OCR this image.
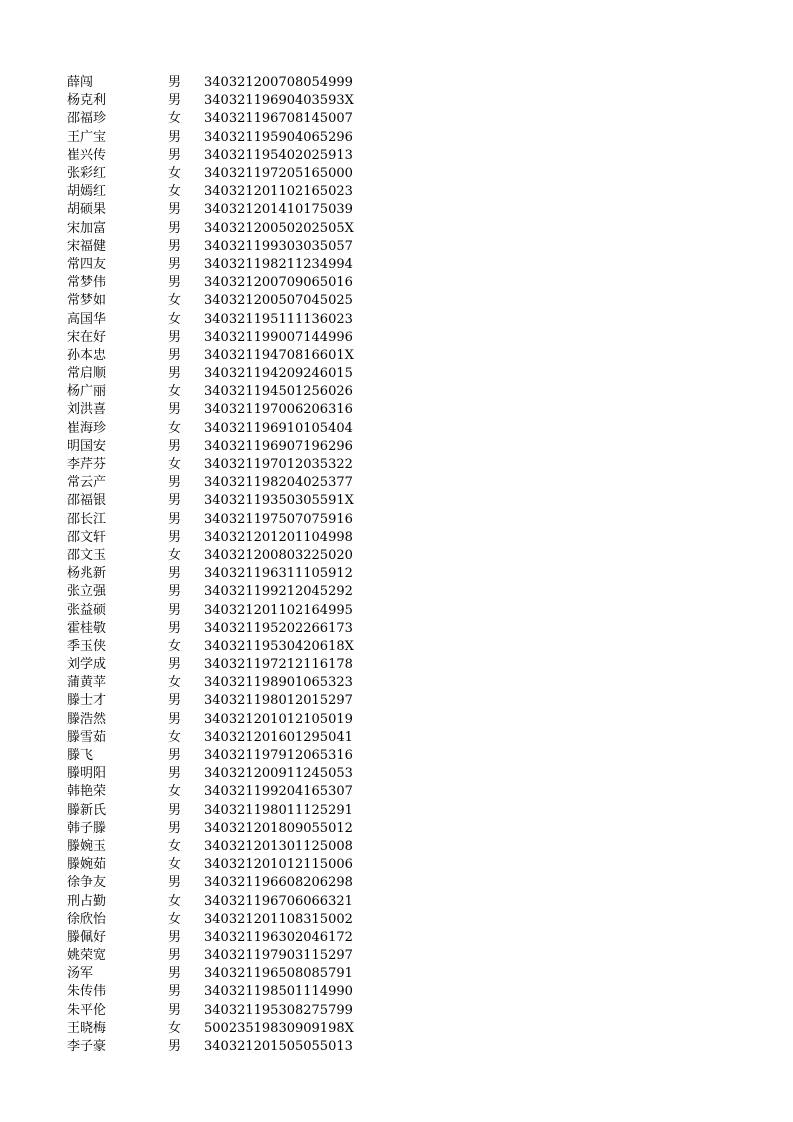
薛闯	男	340321200708054999
杨克利	男	34032119690403593X
邵福珍	女	340321196708145007
王广宝	男	340321195904065296
崔兴传	男	340321195402025913
张彩红	女	340321197205165000
胡嫣红	女	340321201102165023
胡硕果	男	340321201410175039
宋加富	男	34032120050202505X
宋福健	男	340321199303035057
常四友	男	340321198211234994
常梦伟	男	340321200709065016
常梦如	女	340321200507045025
高国华	女	340321195111136023
宋在好	男	340321199007144996
孙本忠	男	34032119470816601X
常启顺	男	340321194209246015
杨广丽	女	340321194501256026
刘洪喜	男	340321197006206316
崔海珍	女	340321196910105404
明国安	男	340321196907196296
李芹芬	女	340321197012035322
常云产	男	340321198204025377
邵福银	男	34032119350305591X
邵长江	男	340321197507075916
邵文轩	男	340321201201104998
邵文玉	女	340321200803225020
杨兆新	男	340321196311105912
张立强	男	340321199212045292
张益硕	男	340321201102164995
霍桂敬	男	340321195202266173
季玉侠	女	34032119530420618X
刘学成	男	340321197212116178
蒲黄苹	女	340321198901065323
滕士才	男	340321198012015297
滕浩然	男	340321201012105019
滕雪茹	女	340321201601295041
滕飞	男	340321197912065316
滕明阳	男	340321200911245053
韩艳荣	女	340321199204165307
滕新氏	男	340321198011125291
韩子滕	男	340321201809055012
滕婉玉	女	340321201301125008
滕婉茹	女	340321201012115006
徐争友	男	340321196608206298
刑占勤	女	340321196706066321
徐欣怡	女	340321201108315002
滕佩好	男	340321196302046172
姚荣宽	男	340321197903115297
汤军	男	340321196508085791
朱传伟	男	340321198501114990
朱平伦	男	340321195308275799
王晓梅	女	50023519830909198X
李子豪	男	340321201505055013
